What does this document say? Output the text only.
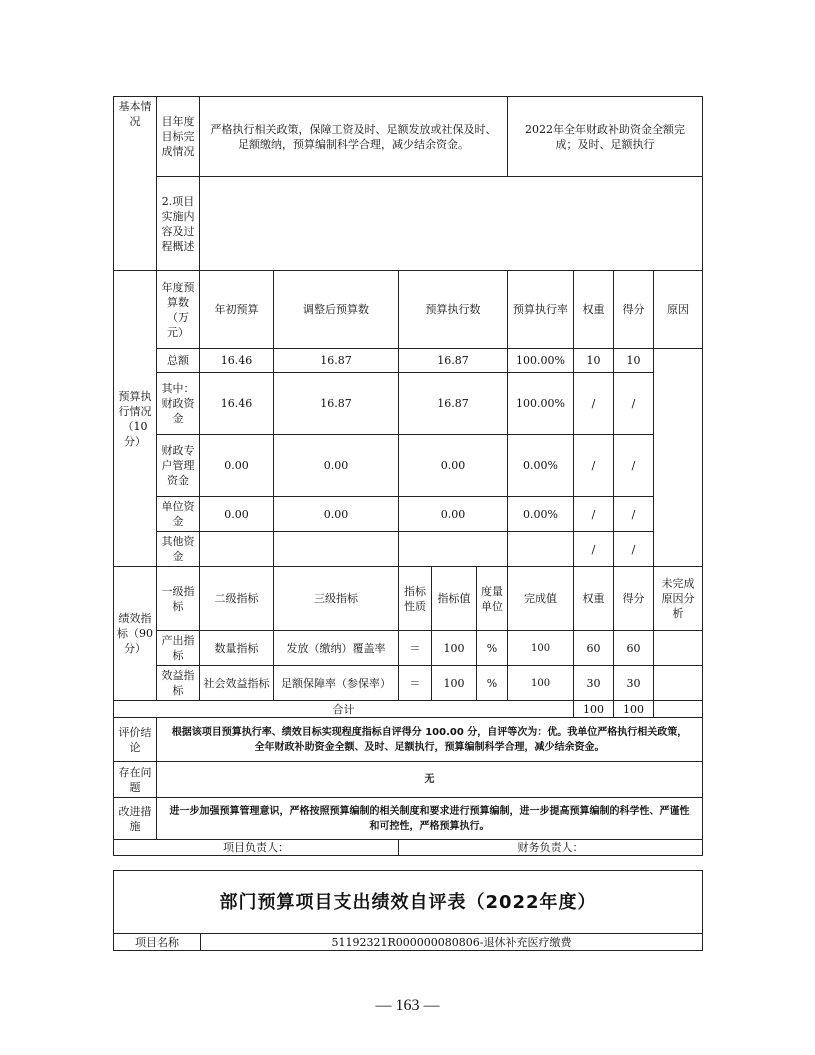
基本情况	目年度目标完成情况	严格执行相关政策，保障工资及时、足额发放或社保及时、足额缴纳，预算编制科学合理，减少结余资金。					2022年全年财政补助资金全额完成；及时、足额执行			
	2.项目实施内容及过程概述									
预算执行情况（10分）	年度预算数（万元）	年初预算	调整后预算数	预算执行数			预算执行率	权重	得分	原因
	总额	16.46	16.87	16.87			100.00%	10	10	
	其中：财政资金	16.46	16.87	16.87			100.00%	/	/	
	财政专户管理资金	0.00	0.00	0.00			0.00%	/	/	
	单位资金	0.00	0.00	0.00			0.00%	/	/	
	其他资金							/	/	
绩效指标（90分）	一级指标	二级指标	三级指标	指标性质	指标值	度量单位	完成值	权重	得分	未完成原因分析
	产出指标	数量指标	发放（缴纳）覆盖率	＝	100	%	100	60	60	
	效益指标	社会效益指标	足额保障率（参保率）	＝	100	%	100	30	30	
合计								100	100	
评价结论	根据该项目预算执行率、绩效目标实现程度指标自评得分 100.00 分，自评等次为：优。我单位严格执行相关政策，全年财政补助资金全额、及时、足额执行，预算编制科学合理，减少结余资金。									
存在问题	无									
改进措施	进一步加强预算管理意识，严格按照预算编制的相关制度和要求进行预算编制，进一步提高预算编制的科学性、严谨性和可控性，严格预算执行。									
项目负责人：				财务负责人：						
部门预算项目支出绩效自评表（2022年度）
项目名称	51192321R000000080806-退休补充医疗缴费
— 163 —
